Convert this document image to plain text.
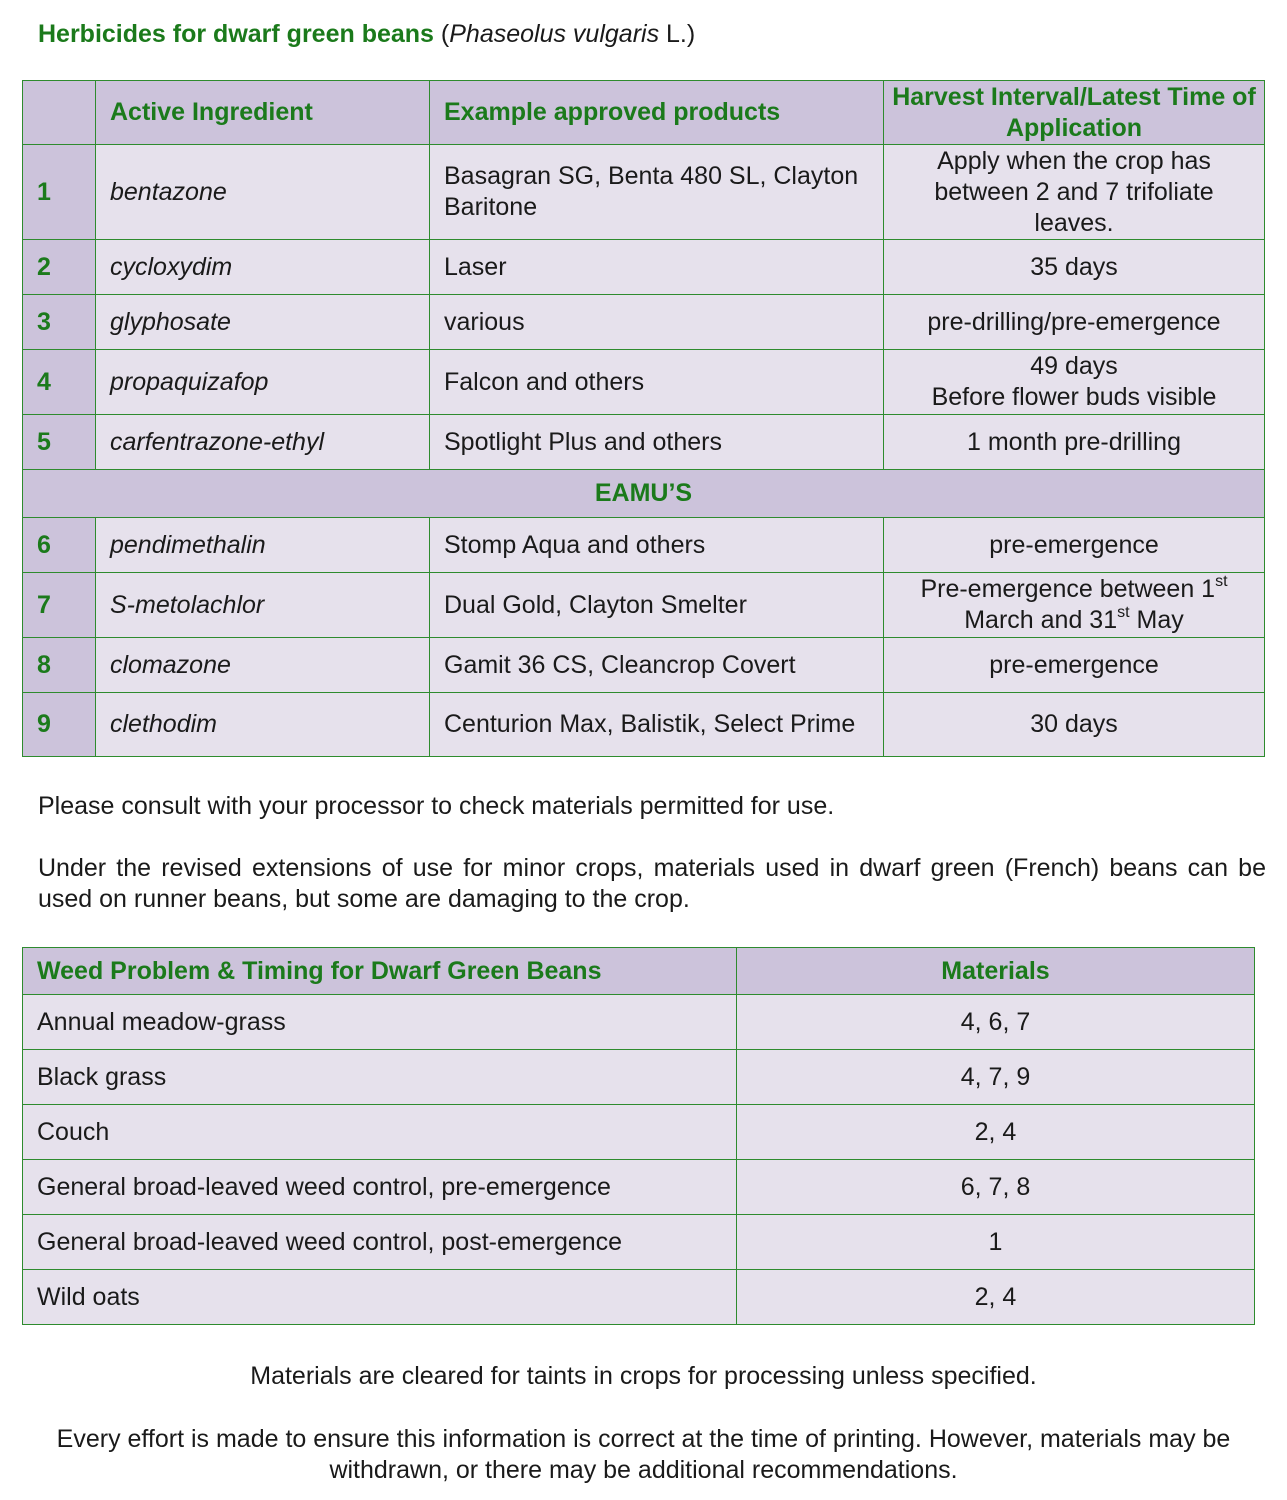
Herbicides for dwarf green beans (Phaseolus vulgaris L.)
	Active Ingredient	Example approved products	Harvest Interval/Latest Time of Application
1	bentazone	Basagran SG, Benta 480 SL, Clayton Baritone	Apply when the crop has between 2 and 7 trifoliate leaves.
2	cycloxydim	Laser	35 days
3	glyphosate	various	pre-drilling/pre-emergence
4	propaquizafop	Falcon and others	49 days
Before flower buds visible
5	carfentrazone-ethyl	Spotlight Plus and others	1 month pre-drilling
EAMU’S			
6	pendimethalin	Stomp Aqua and others	pre-emergence
7	S-metolachlor	Dual Gold, Clayton Smelter	Pre-emergence between 1st March and 31st May
8	clomazone	Gamit 36 CS, Cleancrop Covert	pre-emergence
9	clethodim	Centurion Max, Balistik, Select Prime	30 days
Please consult with your processor to check materials permitted for use.
Under the revised extensions of use for minor crops, materials used in dwarf green (French) beans can be used on runner beans, but some are damaging to the crop.
Weed Problem & Timing for Dwarf Green Beans	Materials
Annual meadow-grass	4, 6, 7
Black grass	4, 7, 9
Couch	2, 4
General broad-leaved weed control, pre-emergence	6, 7, 8
General broad-leaved weed control, post-emergence	1
Wild oats	2, 4
Materials are cleared for taints in crops for processing unless specified.
Every effort is made to ensure this information is correct at the time of printing. However, materials may be withdrawn, or there may be additional recommendations.
